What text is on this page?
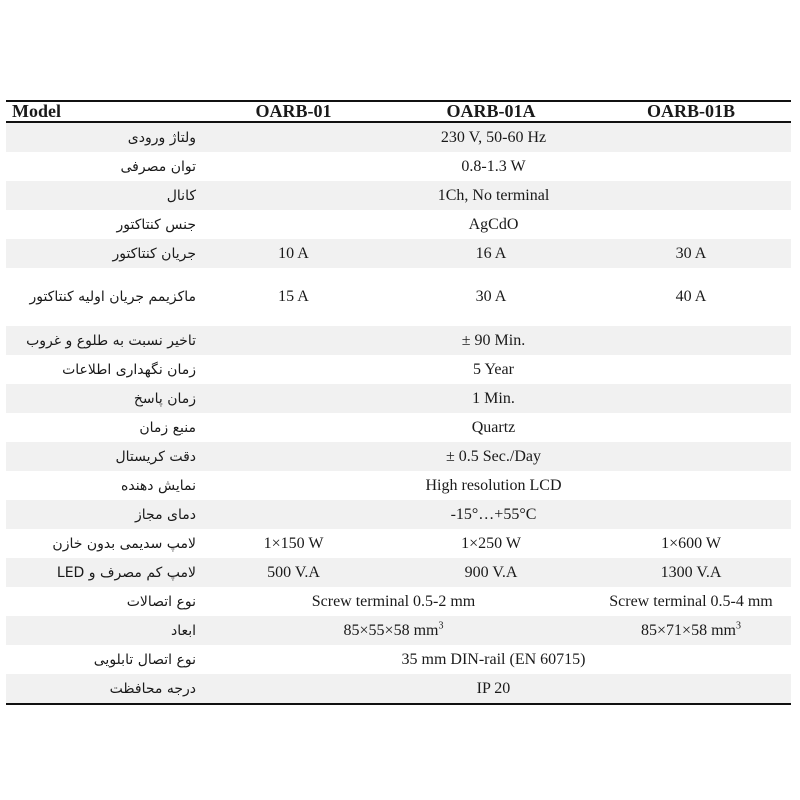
Model	OARB-01	OARB-01A	OARB-01B
ولتاژ ورودی	230 V, 50-60 Hz		
توان مصرفی	0.8-1.3 W		
کانال	1Ch, No terminal		
جنس کنتاکتور	AgCdO		
جریان کنتاکتور	10 A	16 A	30 A
ماکزیمم جریان اولیه کنتاکتور	15 A	30 A	40 A
تاخیر نسبت به طلوع و غروب	± 90 Min.		
زمان نگهداری اطلاعات	5 Year		
زمان پاسخ	1 Min.		
منبع زمان	Quartz		
دقت کریستال	± 0.5 Sec./Day		
نمایش دهنده	High resolution LCD		
دمای مجاز	-15°…+55°C		
لامپ سدیمی بدون خازن	1×150 W	1×250 W	1×600 W
لامپ کم مصرف و LED	500 V.A	900 V.A	1300 V.A
نوع اتصالات	Screw terminal 0.5-2 mm		Screw terminal 0.5-4 mm
ابعاد	85×55×58 $mm^3$		85×71×58 $mm^3$
نوع اتصال تابلویی	35 mm DIN-rail (EN 60715)		
درجه محافظت	IP 20		
